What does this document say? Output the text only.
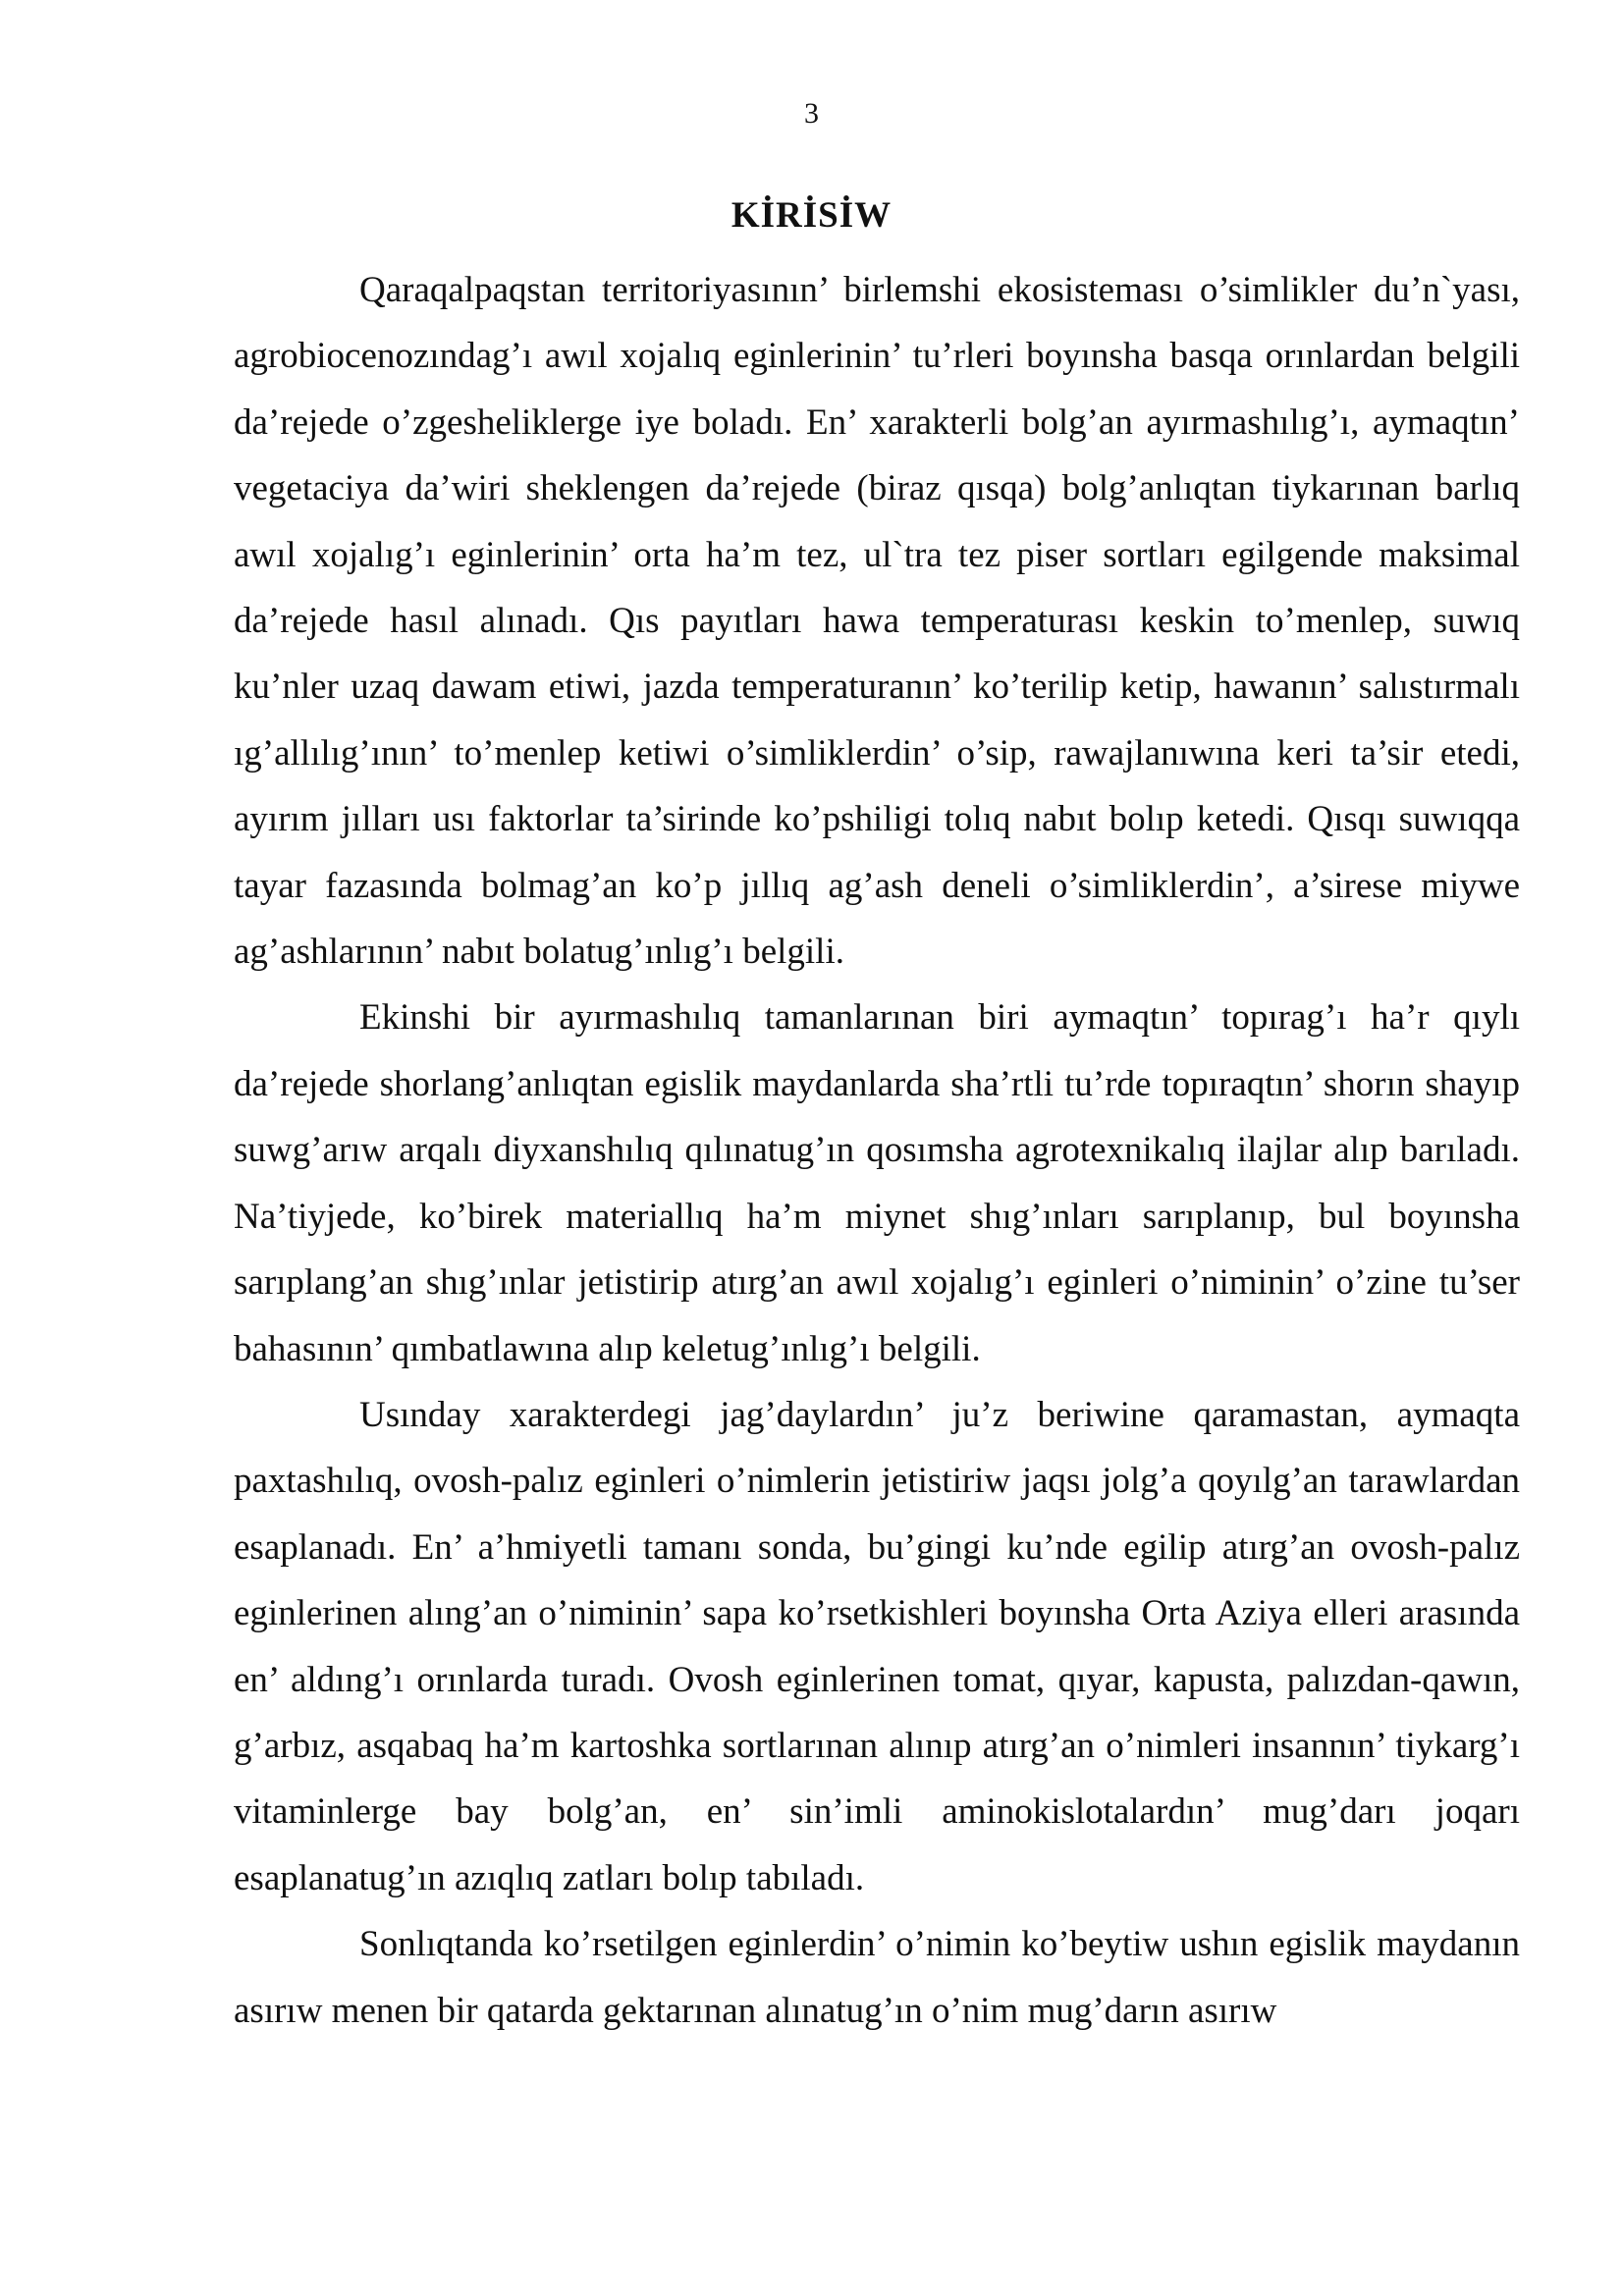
3
KİRİSİW

Qaraqalpaqstan territoriyasının’ birlemshi ekosisteması o’simlikler du’n`yası, agrobiocenozındag’ı awıl xojalıq eginlerinin’ tu’rleri boyınsha basqa orınlardan belgili da’rejede o’zgesheliklerge iye boladı. En’ xarakterli bolg’an ayırmashılıg’ı, aymaqtın’ vegetaciya da’wiri sheklengen da’rejede (biraz qısqa) bolg’anlıqtan tiykarınan barlıq awıl xojalıg’ı eginlerinin’ orta ha’m tez, ul`tra tez piser sortları egilgende maksimal da’rejede hasıl alınadı. Qıs payıtları hawa temperaturası keskin to’menlep, suwıq ku’nler uzaq dawam etiwi, jazda temperaturanın’ ko’terilip ketip, hawanın’ salıstırmalı ıg’allılıg’ının’ to’menlep ketiwi o’simliklerdin’ o’sip, rawajlanıwına keri ta’sir etedi, ayırım jılları usı faktorlar ta’sirinde ko’pshiligi tolıq nabıt bolıp ketedi. Qısqı suwıqqa tayar fazasında bolmag’an ko’p jıllıq ag’ash deneli o’simliklerdin’, a’sirese miywe ag’ashlarının’ nabıt bolatug’ınlıg’ı belgili.

Ekinshi bir ayırmashılıq tamanlarınan biri aymaqtın’ topırag’ı ha’r qıylı da’rejede shorlang’anlıqtan egislik maydanlarda sha’rtli tu’rde topıraqtın’ shorın shayıp suwg’arıw arqalı diyxanshılıq qılınatug’ın qosımsha agrotexnikalıq ilajlar alıp barıladı. Na’tiyjede, ko’birek materiallıq ha’m miynet shıg’ınları sarıplanıp, bul boyınsha sarıplang’an shıg’ınlar jetistirip atırg’an awıl xojalıg’ı eginleri o’niminin’ o’zine tu’ser bahasının’ qımbatlawına alıp keletug’ınlıg’ı belgili.

Usınday xarakterdegi jag’daylardın’ ju’z beriwine qaramastan, aymaqta paxtashılıq, ovosh-palız eginleri o’nimlerin jetistiriw jaqsı jolg’a qoyılg’an tarawlardan esaplanadı. En’ a’hmiyetli tamanı sonda, bu’gingi ku’nde egilip atırg’an ovosh-palız eginlerinen alıng’an o’niminin’ sapa ko’rsetkishleri boyınsha Orta Aziya elleri arasında en’ aldıng’ı orınlarda turadı. Ovosh eginlerinen tomat, qıyar, kapusta, palızdan-qawın, g’arbız, asqabaq ha’m kartoshka sortlarınan alınıp atırg’an o’nimleri insannın’ tiykarg’ı vitaminlerge bay bolg’an, en’ sin’imli aminokislotalardın’ mug’darı joqarı esaplanatug’ın azıqlıq zatları bolıp tabıladı.

Sonlıqtanda ko’rsetilgen eginlerdin’ o’nimin ko’beytiw ushın egislik maydanın asırıw menen bir qatarda gektarınan alınatug’ın o’nim mug’darın asırıw
